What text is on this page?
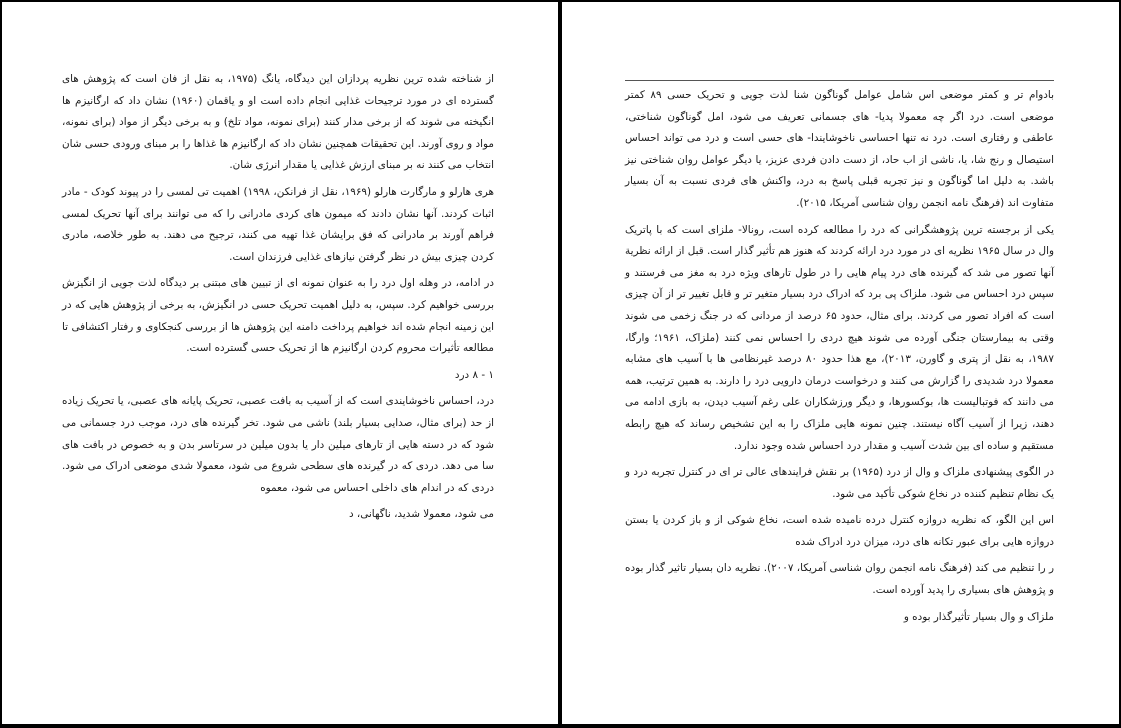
از شناخته شده ترین نظریه پردازان این دیدگاه، یانگ (۱۹۷۵، به نقل از فان است که پژوهش های گسترده ای در مورد ترجیحات غذایی انجام داده است او و یاقمان (۱۹۶۰) نشان داد که ارگانیزم ها انگیخته می شوند که از برخی مدار کنند (برای نمونه، مواد تلخ) و به برخی دیگر از مواد (برای نمونه، مواد و روی آورند. این تحقیقات همچنین نشان داد که ارگانیزم ها غذاها را بر مبنای ورودی حسی شان انتخاب می کنند نه بر مبنای ارزش غذایی یا مقدار انرژی شان.

هری هارلو و مارگارت هارلو (۱۹۶۹، نقل از فرانکن، ۱۹۹۸) اهمیت تی لمسی را در پیوند کودک - مادر اثبات کردند. آنها نشان دادند که میمون های کردی مادرانی را که می توانند برای آنها تحریک لمسی فراهم آورند بر مادرانی که فق برایشان غذا تهیه می کنند، ترجیح می دهند. به طور خلاصه، مادری کردن چیزی بیش در نظر گرفتن نیازهای غذایی فرزندان است.

در ادامه، در وهله اول درد را به عنوان نمونه ای از تبیین های مبتنی بر دیدگاه لذت جویی از انگیزش بررسی خواهیم کرد. سپس، به دلیل اهمیت تحریک حسی در انگیزش، به برخی از پژوهش هایی که در این زمینه انجام شده اند خواهیم پرداخت دامنه این پژوهش ها از بررسی کنجکاوی و رفتار اکتشافی تا مطالعه تأثیرات محروم کردن ارگانیزم ها از تحریک حسی گسترده است.

۱ - ۸ درد

درد، احساس ناخوشایندی است که از آسیب به بافت عصبی، تحریک پایانه های عصبی، یا تحریک زیاده از حد (برای مثال، صدایی بسیار بلند) ناشی می شود. تخر گیرنده های درد، موجب درد جسمانی می شود که در دسته هایی از تارهای میلین دار یا بدون میلین در سرتاسر بدن و به خصوص در بافت های سا می دهد. دردی که در گیرنده های سطحی شروع می شود، معمولا شدی موضعی ادراک می شود. دردی که در اندام های داخلی احساس می شود، معموه

می شود، معمولا شدید، ناگهانی، د

بادوام تر و کمتر موضعی اس شامل عوامل گوناگون شنا لذت جویی و تحریک حسی ۸۹ کمتر موضعی است. درد اگر چه معمولا پدیا- های جسمانی تعریف می شود، امل گوناگون شناختی، عاطفی و رفتاری است. درد نه تنها احساسی ناخوشایندا- های حسی است و درد می تواند احساس استیصال و رنج شا، یا، ناشی از اب حاد، از دست دادن فردی عزیز، یا دیگر عوامل روان شناختی نیز باشد. به دلیل اما گوناگون و نیز تجربه قبلی پاسخ به درد، واکنش های فردی نسبت به آن بسیار متفاوت اند (فرهنگ نامه انجمن روان شناسی آمریکا، ۲۰۱۵).

یکی از برجسته ترین پژوهشگرانی که درد را مطالعه کرده است، رونالا- ملزای است که با پاتریک وال در سال ۱۹۶۵ نظریه ای در مورد درد ارائه کردند که هنوز هم تأثیر گذار است. قبل از ارائه نظریة آنها تصور می شد که گیرنده های درد پیام هایی را در طول تارهای ویژه درد به مغز می فرستند و سپس درد احساس می شود. ملزاک پی برد که ادراک درد بسیار متغیر تر و قابل تغییر تر از آن چیزی است که افراد تصور می کردند. برای مثال، حدود ۶۵ درصد از مردانی که در جنگ زخمی می شوند وقتی به بیمارستان جنگی آورده می شوند هیچ دردی را احساس نمی کنند (ملزاک، ۱۹۶۱؛ وارگا، ۱۹۸۷، به نقل از پتری و گاورن، ۲۰۱۳)، مع هذا حدود ۸۰ درصد غیرنظامی ها با آسیب های مشابه معمولا درد شدیدی را گزارش می کنند و درخواست درمان دارویی درد را دارند. به همین ترتیب، همه می دانند که فوتبالیست ها، بوکسورها، و دیگر ورزشکاران علی رغم آسیب دیدن، به بازی ادامه می دهند، زیرا از آسیب آگاه نیستند. چنین نمونه هایی ملزاک را به این تشخیص رساند که هیچ رابطه مستقیم و ساده ای بین شدت آسیب و مقدار درد احساس شده وجود ندارد.

در الگوی پیشنهادی ملزاک و وال از درد (۱۹۶۵) بر نقش فرایندهای عالی تر ای در کنترل تجربه درد و یک نظام تنظیم کننده در نخاع شوکی تأکید می شود.

اس این الگو، که نظریه دروازه کنترل درده نامیده شده است، نخاع شوکی از و باز کردن یا بستن دروازه هایی برای عبور تکانه های درد، میزان درد ادراک شده

ر را تنظیم می کند (فرهنگ نامه انجمن روان شناسی آمریکا، ۲۰۰۷). نظریه دان بسیار تاثیر گذار بوده و پژوهش های بسیاری را پدید آورده است.

ملزاک و وال بسیار تأثیرگذار بوده و
